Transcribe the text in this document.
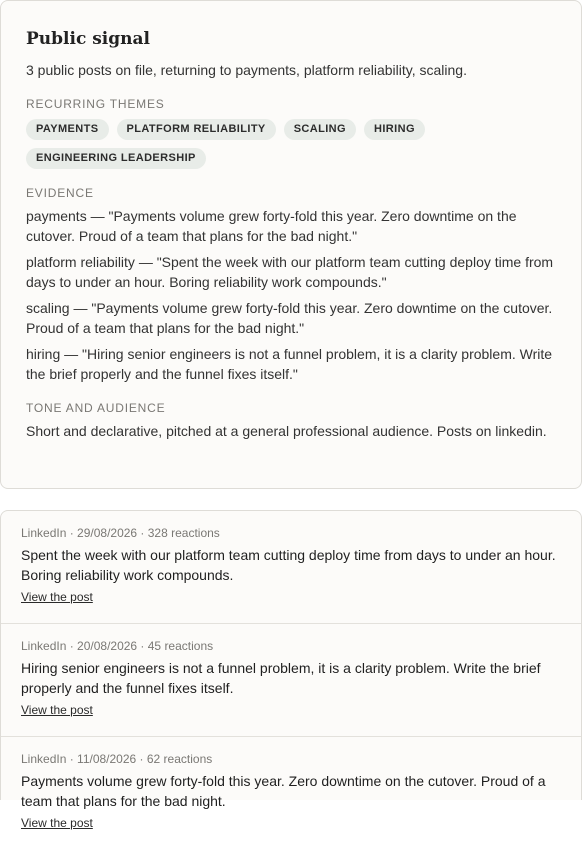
Public signal
3 public posts on file, returning to payments, platform reliability, scaling.
RECURRING THEMES
PAYMENTS	PLATFORM RELIABILITY	SCALING	HIRING
ENGINEERING LEADERSHIP
EVIDENCE
payments — "Payments volume grew forty-fold this year. Zero downtime on the cutover. Proud of a team that plans for the bad night."
platform reliability — "Spent the week with our platform team cutting deploy time from days to under an hour. Boring reliability work compounds."
scaling — "Payments volume grew forty-fold this year. Zero downtime on the cutover. Proud of a team that plans for the bad night."
hiring — "Hiring senior engineers is not a funnel problem, it is a clarity problem. Write the brief properly and the funnel fixes itself."
TONE AND AUDIENCE
Short and declarative, pitched at a general professional audience. Posts on linkedin.
LinkedIn · 29/08/2026 · 328 reactions
Spent the week with our platform team cutting deploy time from days to under an hour. Boring reliability work compounds.
View the post
LinkedIn · 20/08/2026 · 45 reactions
Hiring senior engineers is not a funnel problem, it is a clarity problem. Write the brief properly and the funnel fixes itself.
View the post
LinkedIn · 11/08/2026 · 62 reactions
Payments volume grew forty-fold this year. Zero downtime on the cutover. Proud of a team that plans for the bad night.
View the post
